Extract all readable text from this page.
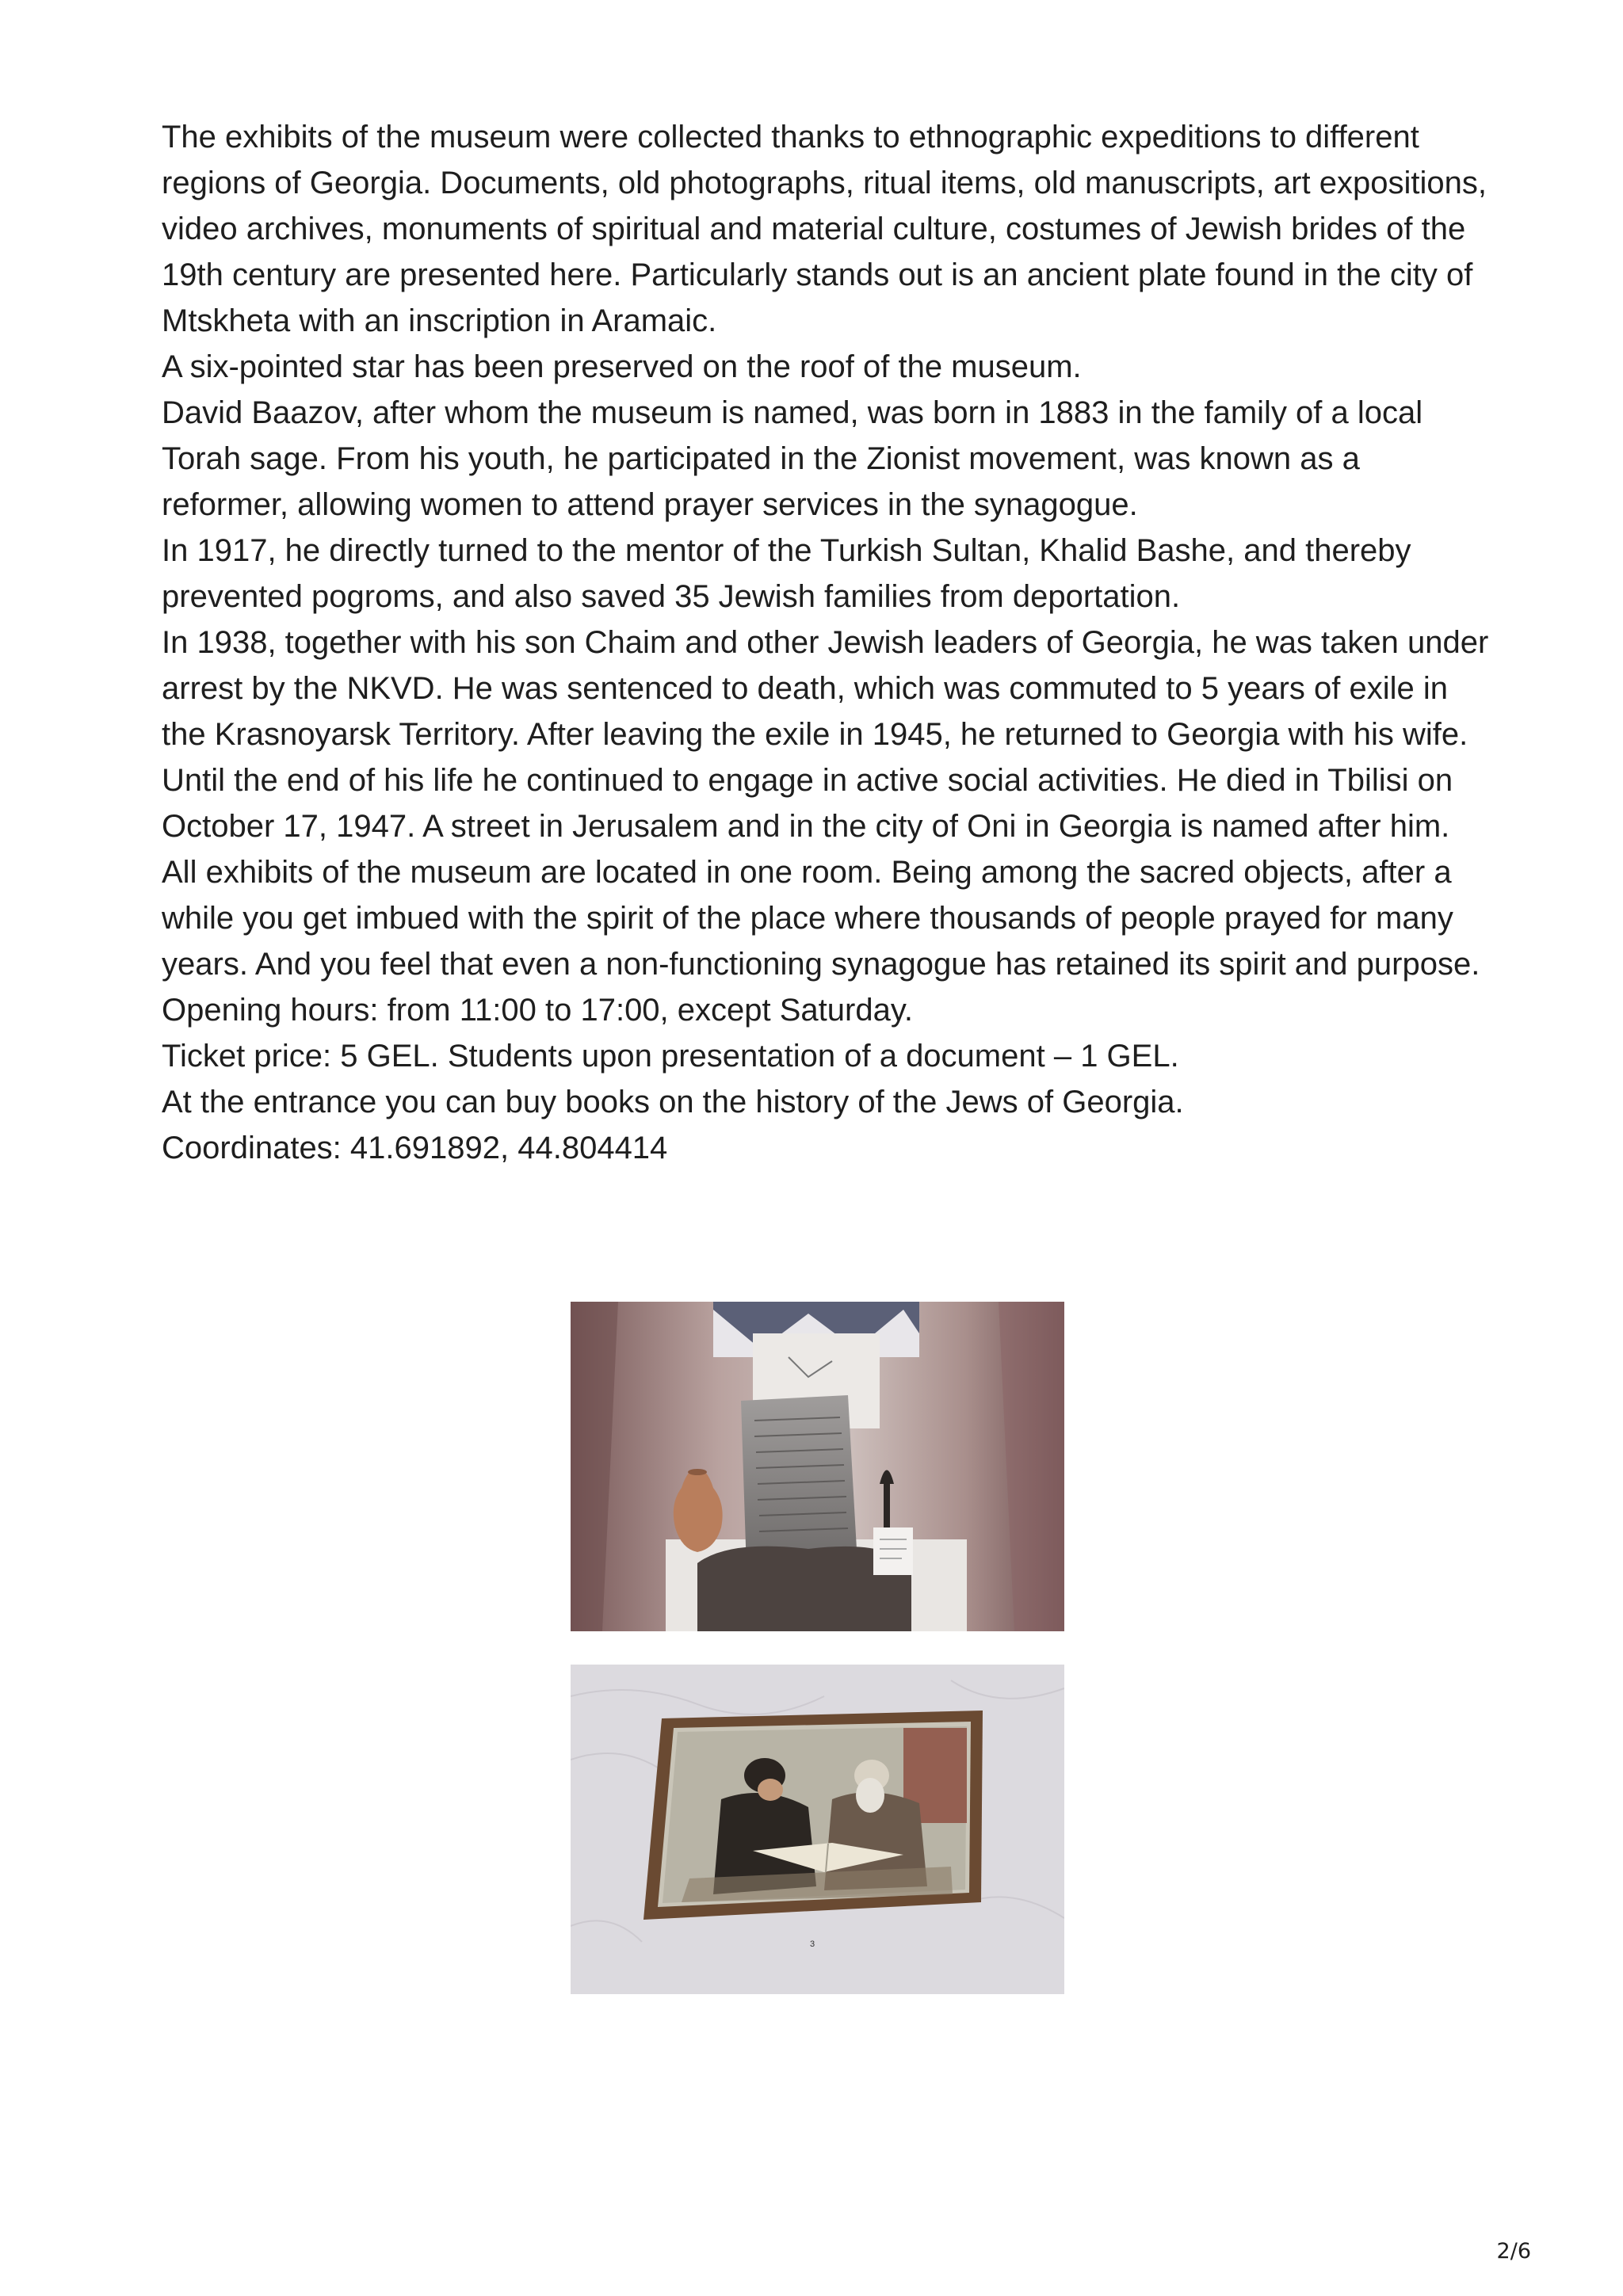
The exhibits of the museum were collected thanks to ethnographic expeditions to different regions of Georgia. Documents, old photographs, ritual items, old manuscripts, art expositions, video archives, monuments of spiritual and material culture, costumes of Jewish brides of the 19th century are presented here. Particularly stands out is an ancient plate found in the city of Mtskheta with an inscription in Aramaic.

A six-pointed star has been preserved on the roof of the museum.

David Baazov, after whom the museum is named, was born in 1883 in the family of a local Torah sage. From his youth, he participated in the Zionist movement, was known as a reformer, allowing women to attend prayer services in the synagogue.

In 1917, he directly turned to the mentor of the Turkish Sultan, Khalid Bashe, and thereby prevented pogroms, and also saved 35 Jewish families from deportation.

In 1938, together with his son Chaim and other Jewish leaders of Georgia, he was taken under arrest by the NKVD. He was sentenced to death, which was commuted to 5 years of exile in the Krasnoyarsk Territory. After leaving the exile in 1945, he returned to Georgia with his wife. Until the end of his life he continued to engage in active social activities. He died in Tbilisi on October 17, 1947. A street in Jerusalem and in the city of Oni in Georgia is named after him.

All exhibits of the museum are located in one room. Being among the sacred objects, after a while you get imbued with the spirit of the place where thousands of people prayed for many years. And you feel that even a non-functioning synagogue has retained its spirit and purpose.

Opening hours: from 11:00 to 17:00, except Saturday.

Ticket price: 5 GEL. Students upon presentation of a document – 1 GEL.

At the entrance you can buy books on the history of the Jews of Georgia.

Coordinates: 41.691892, 44.804414

3
2/6
